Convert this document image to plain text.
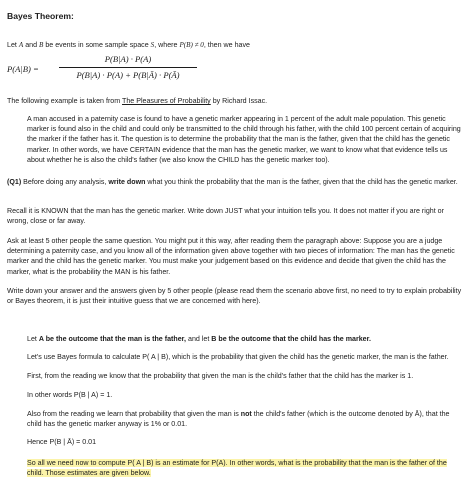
Bayes Theorem:

Let A and B be events in some sample space S, where P(B) ≠ 0, then we have

P(A|B) =
P(B|A) · P(A)
P(B|A) · P(A) + P(B|Ā) · P(Ā)

The following example is taken from The Pleasures of Probability by Richard Issac.

A man accused in a paternity case is found to have a genetic marker appearing in 1 percent of the adult male population. This genetic marker is found also in the child and could only be transmitted to the child through his father, with the child 100 percent certain of acquiring the marker if the father has it. The question is to determine the probability that the man is the father, given that the child has the genetic marker. In other words, we have CERTAIN evidence that the man has the genetic marker, we want to know what that evidence tells us about whether he is also the child's father (we also know the CHILD has the genetic marker too).

(Q1) Before doing any analysis, write down what you think the probability that the man is the father, given that the child has the genetic marker.

Recall it is KNOWN that the man has the genetic marker. Write down JUST what your intuition tells you. It does not matter if you are right or wrong, close or far away.

Ask at least 5 other people the same question. You might put it this way, after reading them the paragraph above: Suppose you are a judge determining a paternity case, and you know all of the information given above together with two pieces of information: The man has the genetic marker and the child has the genetic marker. You must make your judgement based on this evidence and decide that given the child has the marker, what is the probability the MAN is his father.

Write down your answer and the answers given by 5 other people (please read them the scenario above first, no need to try to explain probability or Bayes theorem, it is just their intuitive guess that we are concerned with here).

Let A be the outcome that the man is the father, and let B be the outcome that the child has the marker.

Let's use Bayes formula to calculate P( A | B), which is the probability that given the child has the genetic marker, the man is the father.

First, from the reading we know that the probability that given the man is the child's father that the child has the marker is 1.

In other words P(B | A) = 1.

Also from the reading we learn that probability that given the man is not the child's father (which is the outcome denoted by Ā), that the child has the genetic marker anyway is 1% or 0.01.

Hence P(B | Ā) = 0.01

So all we need now to compute P( A | B) is an estimate for P(A). In other words, what is the probability that the man is the father of the child. Those estimates are given below.
